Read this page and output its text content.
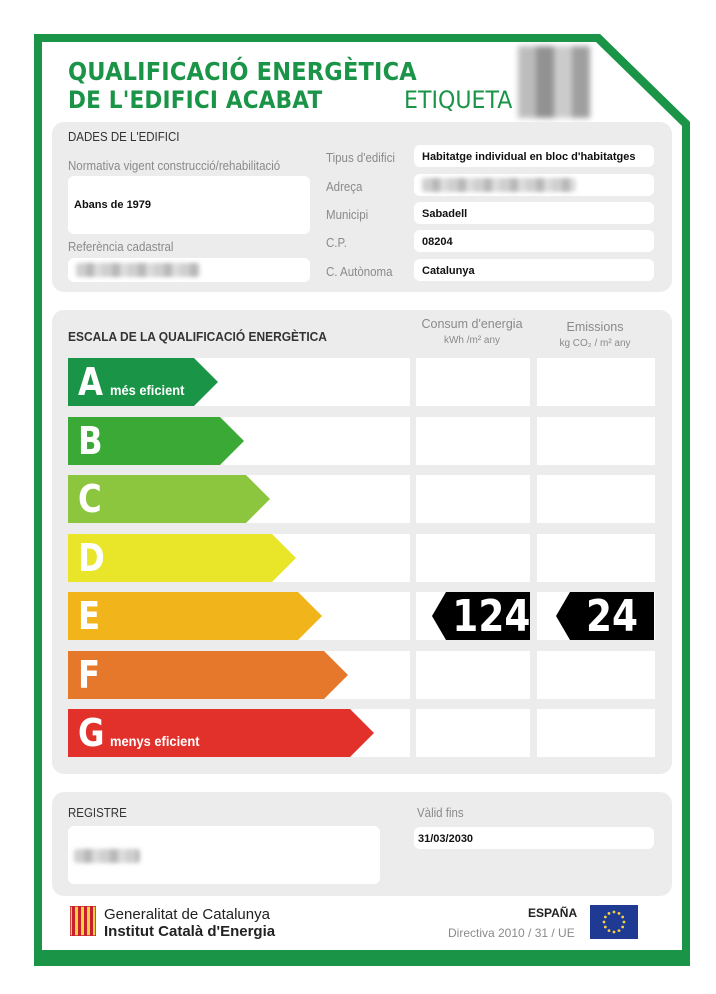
QUALIFICACIÓ ENERGÈTICA
DE L'EDIFICI ACABAT	ETIQUETA
DADES DE L'EDIFICI
Normativa vigent construcció/rehabilitació
Abans de 1979
Referència cadastral
Tipus d'edifici Habitatge individual en bloc d'habitatges
Adreça
Municipi	Sabadell
C.P.	08204
C. Autònoma	Catalunya
ESCALA DE LA QUALIFICACIÓ ENERGÈTICA
Consum d'energia
kWh /m² any
Emissions
kg CO₂ / m² any
A més eficient
B
C
D
E	124 24
F
G menys eficient
REGISTRE	Vàlid fins
31/03/2030
Generalitat de Catalunya
Institut Català d'Energia
ESPAÑA
Directiva 2010 / 31 / UE
